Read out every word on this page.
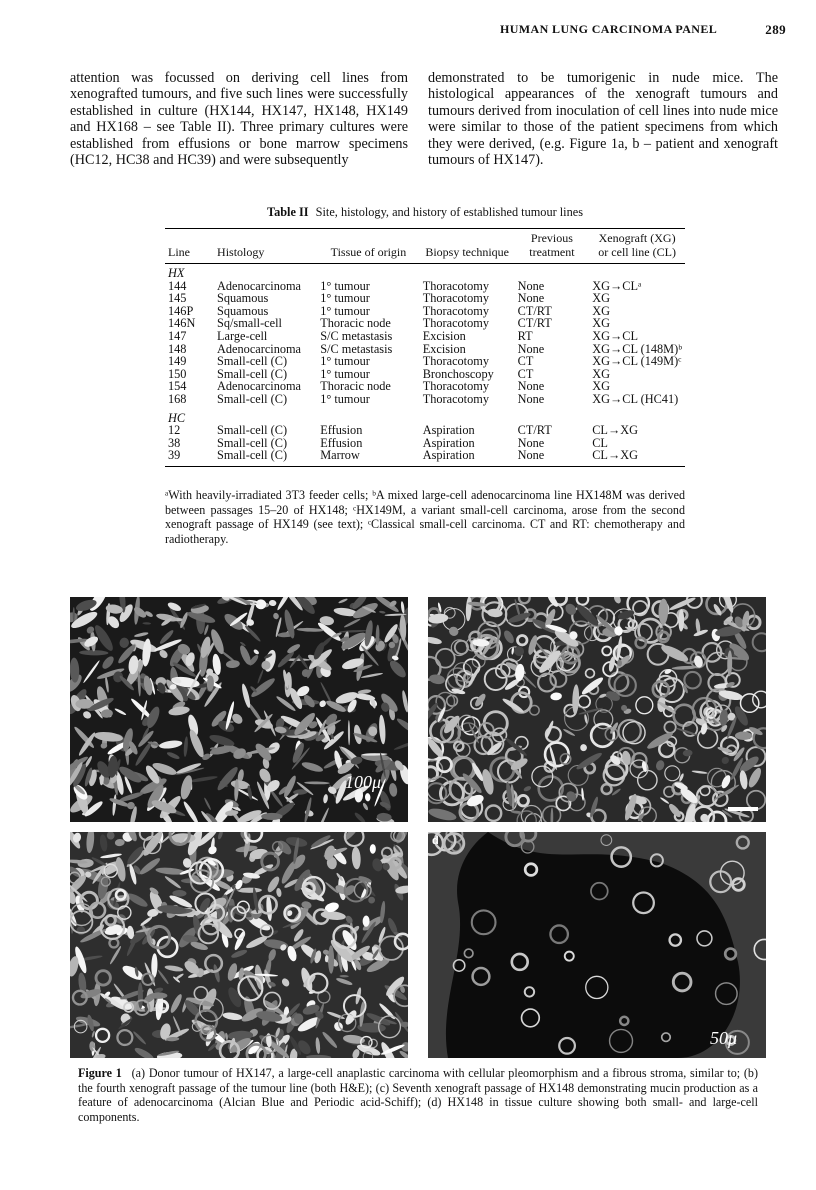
HUMAN LUNG CARCINOMA PANEL	289

attention was focussed on deriving cell lines from xenografted tumours, and five such lines were successfully established in culture (HX144, HX147, HX148, HX149 and HX168 – see Table II). Three primary cultures were established from effusions or bone marrow specimens (HC12, HC38 and HC39) and were subsequently

demonstrated to be tumorigenic in nude mice. The histological appearances of the xenograft tumours and tumours derived from inoculation of cell lines into nude mice were similar to those of the patient specimens from which they were derived, (e.g. Figure 1a, b – patient and xenograft tumours of HX147).

Table II Site, histology, and history of established tumour lines
Line	Histology	Tissue of origin	Biopsy technique	Previous treatment	Xenograft (XG) or cell line (CL)
HX					
144	Adenocarcinoma	1° tumour	Thoracotomy	None	XG→CLᵃ
145	Squamous	1° tumour	Thoracotomy	None	XG
146P	Squamous	1° tumour	Thoracotomy	CT/RT	XG
146N	Sq/small-cell	Thoracic node	Thoracotomy	CT/RT	XG
147	Large-cell	S/C metastasis	Excision	RT	XG→CL
148	Adenocarcinoma	S/C metastasis	Excision	None	XG→CL (148M)ᵇ
149	Small-cell (C)	1° tumour	Thoracotomy	CT	XG→CL (149M)ᶜ
150	Small-cell (C)	1° tumour	Bronchoscopy	CT	XG
154	Adenocarcinoma	Thoracic node	Thoracotomy	None	XG
168	Small-cell (C)	1° tumour	Thoracotomy	None	XG→CL (HC41)
HC					
12	Small-cell (C)	Effusion	Aspiration	CT/RT	CL→XG
38	Small-cell (C)	Effusion	Aspiration	None	CL
39	Small-cell (C)	Marrow	Aspiration	None	CL→XG
ᵃWith heavily-irradiated 3T3 feeder cells; ᵇA mixed large-cell adenocarcinoma line HX148M was derived between passages 15–20 of HX148; ᶜHX149M, a variant small-cell carcinoma, arose from the second xenograft passage of HX149 (see text); ᶜClassical small-cell carcinoma. CT and RT: chemotherapy and radiotherapy.
100μ
d
50μ
Figure 1 (a) Donor tumour of HX147, a large-cell anaplastic carcinoma with cellular pleomorphism and a fibrous stroma, similar to; (b) the fourth xenograft passage of the tumour line (both H&E); (c) Seventh xenograft passage of HX148 demonstrating mucin production as a feature of adenocarcinoma (Alcian Blue and Periodic acid-Schiff); (d) HX148 in tissue culture showing both small- and large-cell components.
